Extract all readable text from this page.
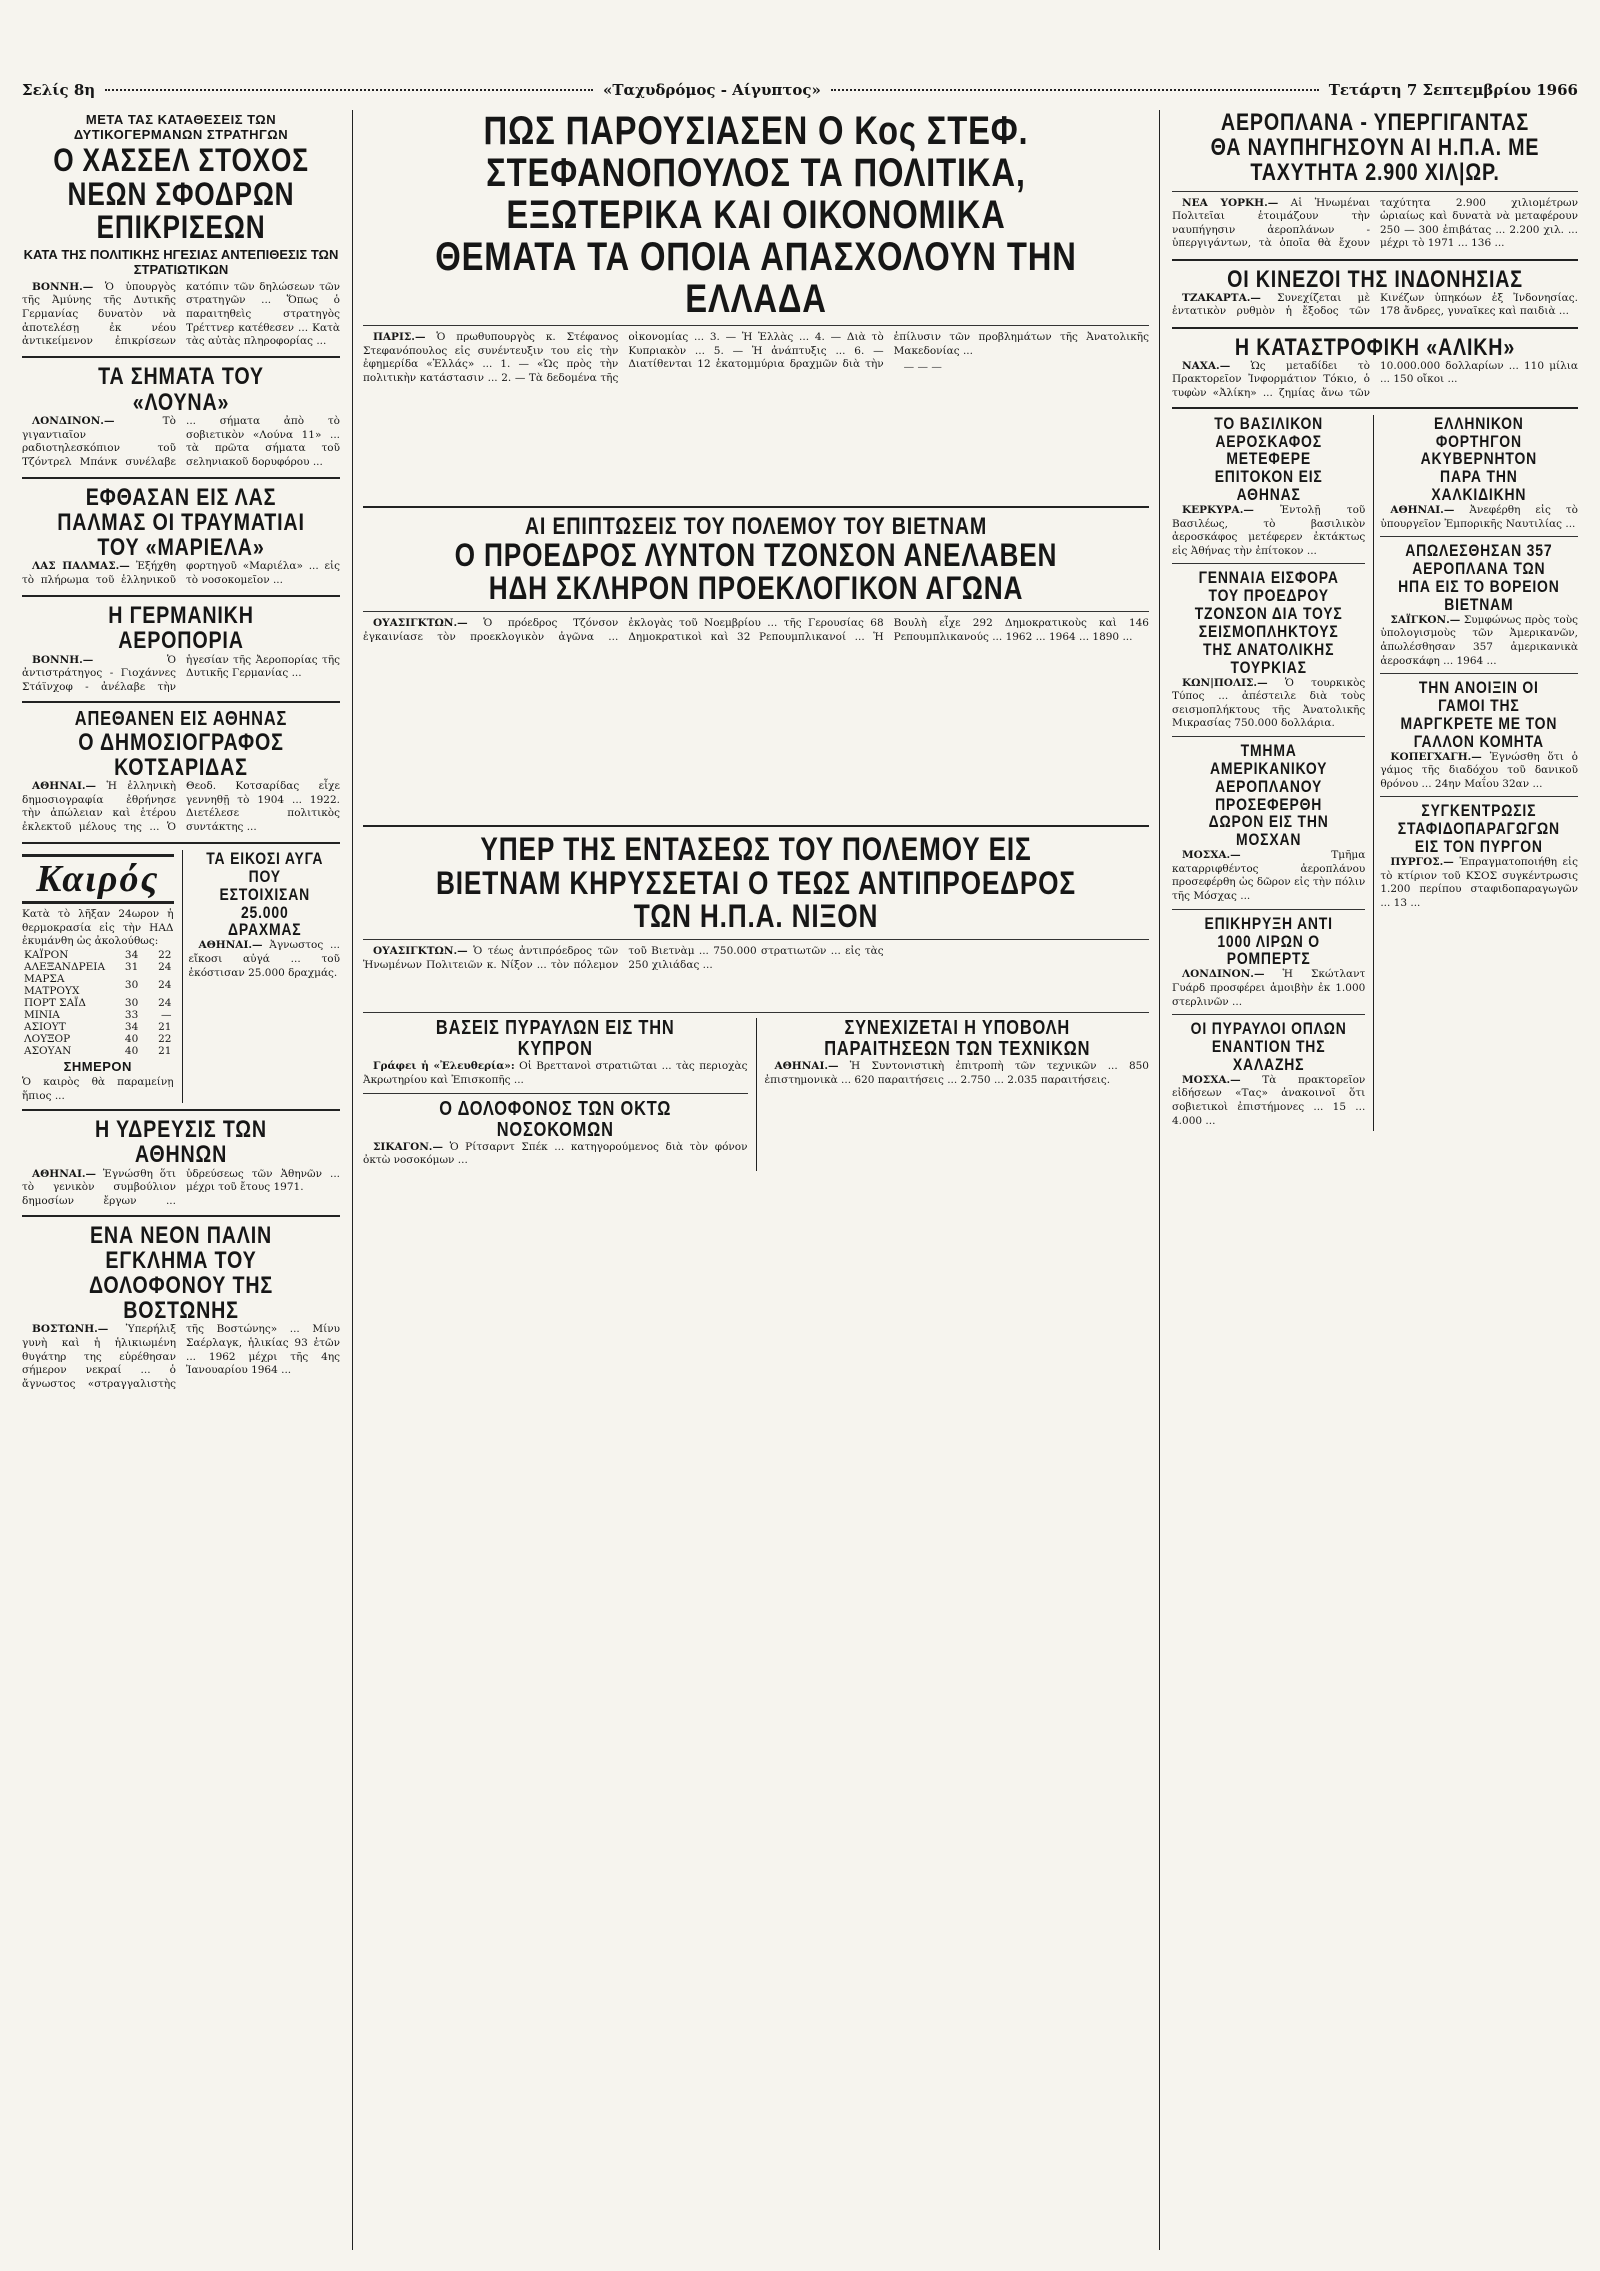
Σελίς 8η	«Ταχυδρόμος - Αίγυπτος»	Τετάρτη 7 Σεπτεμβρίου 1966
ΜΕΤΑ ΤΑΣ ΚΑΤΑΘΕΣΕΙΣ ΤΩΝ ΔΥΤΙΚΟΓΕΡΜΑΝΩΝ ΣΤΡΑΤΗΓΩΝ
Ο ΧΑΣΣΕΛ ΣΤΟΧΟΣ ΝΕΩΝ ΣΦΟΔΡΩΝ ΕΠΙΚΡΙΣΕΩΝ
ΚΑΤΑ ΤΗΣ ΠΟΛΙΤΙΚΗΣ ΗΓΕΣΙΑΣ ΑΝΤΕΠΙΘΕΣΙΣ ΤΩΝ ΣΤΡΑΤΙΩΤΙΚΩΝ

ΒΟΝΝΗ.— Ὁ ὑπουργὸς τῆς Ἀμύνης τῆς Δυτικῆς Γερμανίας δυνατὸν νὰ ἀποτελέσῃ ἐκ νέου ἀντικείμενον ἐπικρίσεων κατόπιν τῶν δηλώσεων τῶν στρατηγῶν ... Ὅπως ὁ παραιτηθεὶς στρατηγὸς Τρέττνερ κατέθεσεν ... Κατὰ τὰς αὐτὰς πληροφορίας ...

ΤΑ ΣΗΜΑΤΑ ΤΟΥ «ΛΟΥΝΑ»

ΛΟΝΔΙΝΟΝ.—	Τὸ γιγαντιαῖον ραδιοτηλεσκόπιον τοῦ Τζόντρελ Μπάνκ συνέλαβε ... σήματα ἀπὸ τὸ σοβιετικὸν «Λούνα 11» ... τὰ πρῶτα σήματα τοῦ σεληνιακοῦ δορυφόρου ...

ΕΦΘΑΣΑΝ ΕΙΣ ΛΑΣ ΠΑΛΜΑΣ ΟΙ ΤΡΑΥΜΑΤΙΑΙ ΤΟΥ «ΜΑΡΙΕΛΑ»

ΛΑΣ ΠΑΛΜΑΣ.— Ἐξήχθη τὸ πλήρωμα τοῦ ἑλληνικοῦ φορτηγοῦ «Μαριέλα» ... εἰς τὸ νοσοκομεῖον ...

Η ΓΕΡΜΑΝΙΚΗ ΑΕΡΟΠΟΡΙΑ

ΒΟΝΝΗ.—	Ὁ ἀντιστράτηγος - Γιοχάννες Στάϊνχοφ - ἀνέλαβε τὴν ἡγεσίαν τῆς Ἀεροπορίας τῆς Δυτικῆς Γερμανίας ...

ΑΠΕΘΑΝΕΝ ΕΙΣ ΑΘΗΝΑΣ
Ο ΔΗΜΟΣΙΟΓΡΑΦΟΣ ΚΟΤΣΑΡΙΔΑΣ

ΑΘΗΝΑΙ.— Ἡ ἑλληνικὴ δημοσιογραφία ἐθρήνησε τὴν ἀπώλειαν καὶ ἑτέρου ἐκλεκτοῦ μέλους της ... Ὁ Θεοδ. Κοτσαρίδας εἶχε γεννηθῇ τὸ 1904 ... 1922. Διετέλεσε πολιτικὸς συντάκτης ...

Καιρός
Κατὰ τὸ λῆξαν 24ωρον ἡ θερμοκρασία εἰς τὴν ΗΑΔ ἐκυμάνθη ὡς ἀκολούθως:
ΚΑΪΡΟΝ	34	22
ΑΛΕΞΑΝΔΡΕΙΑ	31	24
ΜΑΡΣΑ ΜΑΤΡΟΥΧ	30	24
ΠΟΡΤ ΣΑΪΔ	30	24
ΜΙΝΙΑ	33	—
ΑΣΙΟΥΤ	34	21
ΛΟΥΞΟΡ	40	22
ΑΣΟΥΑΝ	40	21
ΣΗΜΕΡΟΝ
Ὁ καιρὸς θὰ παραμείνῃ ἥπιος ...
ΤΑ ΕΙΚΟΣΙ ΑΥΓΑ ΠΟΥ ΕΣΤΟΙΧΙΣΑΝ 25.000 ΔΡΑΧΜΑΣ

ΑΘΗΝΑΙ.— Ἀγνωστος ... εἴκοσι αὐγά ... τοῦ ἐκόστισαν 25.000 δραχμάς.

Η ΥΔΡΕΥΣΙΣ ΤΩΝ ΑΘΗΝΩΝ

ΑΘΗΝΑΙ.— Ἐγνώσθη ὅτι τὸ γενικὸν συμβούλιον δημοσίων ἔργων ... ὑδρεύσεως τῶν Ἀθηνῶν ... μέχρι τοῦ ἔτους 1971.

ΕΝΑ ΝΕΟΝ ΠΑΛΙΝ ΕΓΚΛΗΜΑ ΤΟΥ ΔΟΛΟΦΟΝΟΥ ΤΗΣ ΒΟΣΤΩΝΗΣ

ΒΟΣΤΩΝΗ.— Ὑπερήλιξ γυνὴ καὶ ἡ ἡλικιωμένη θυγάτηρ της εὑρέθησαν σήμερον νεκραί ... ὁ ἄγνωστος «στραγγαλιστὴς τῆς Βοστώνης» ... Μίνυ Σαέρλαγκ, ἡλικίας 93 ἐτῶν ... 1962 μέχρι τῆς 4ης Ἰανουαρίου 1964 ...

ΠΩΣ ΠΑΡΟΥΣΙΑΣΕΝ Ο Κος ΣΤΕΦ. ΣΤΕΦΑΝΟΠΟΥΛΟΣ ΤΑ ΠΟΛΙΤΙΚΑ, ΕΞΩΤΕΡΙΚΑ ΚΑΙ ΟΙΚΟΝΟΜΙΚΑ ΘΕΜΑΤΑ ΤΑ ΟΠΟΙΑ ΑΠΑΣΧΟΛΟΥΝ ΤΗΝ ΕΛΛΑΔΑ

ΠΑΡΙΣ.— Ὁ πρωθυπουργὸς κ. Στέφανος Στεφανόπουλος εἰς συνέντευξιν του εἰς τὴν ἐφημερίδα «Ἑλλάς» ... 1. — «Ὡς πρὸς τὴν πολιτικὴν κατάστασιν ... 2. — Τὰ δεδομένα τῆς οἰκονομίας ... 3. — Ἡ Ἑλλὰς ... 4. — Διὰ τὸ Κυπριακὸν ... 5. — Ἡ ἀνάπτυξις ... 6. — Διατίθενται 12 ἑκατομμύρια δραχμῶν διὰ τὴν ἐπίλυσιν τῶν προβλημάτων τῆς Ἀνατολικῆς Μακεδονίας ...

— — —

ΑΙ ΕΠΙΠΤΩΣΕΙΣ ΤΟΥ ΠΟΛΕΜΟΥ ΤΟΥ ΒΙΕΤΝΑΜ
Ο ΠΡΟΕΔΡΟΣ ΛΥΝΤΟΝ ΤΖΟΝΣΟΝ ΑΝΕΛΑΒΕΝ ΗΔΗ ΣΚΛΗΡΟΝ ΠΡΟΕΚΛΟΓΙΚΟΝ ΑΓΩΝΑ

ΟΥΑΣΙΓΚΤΩΝ.— Ὁ πρόεδρος Τζόνσον ἐγκαινίασε τὸν προεκλογικὸν ἀγῶνα ... ἐκλογὰς τοῦ Νοεμβρίου ... τῆς Γερουσίας 68 Δημοκρατικοὶ καὶ 32 Ρεπουμπλικανοί ... Ἡ Βουλὴ εἶχε 292 Δημοκρατικοὺς καὶ 146 Ρεπουμπλικανούς ... 1962 ... 1964 ... 1890 ...

ΥΠΕΡ ΤΗΣ ΕΝΤΑΣΕΩΣ ΤΟΥ ΠΟΛΕΜΟΥ ΕΙΣ ΒΙΕΤΝΑΜ ΚΗΡΥΣΣΕΤΑΙ Ο ΤΕΩΣ ΑΝΤΙΠΡΟΕΔΡΟΣ ΤΩΝ Η.Π.Α. ΝΙΞΟΝ

ΟΥΑΣΙΓΚΤΩΝ.— Ὁ τέως ἀντιπρόεδρος τῶν Ἡνωμένων Πολιτειῶν κ. Νίξον ... τὸν πόλεμον τοῦ Βιετνὰμ ... 750.000 στρατιωτῶν ... εἰς τὰς 250 χιλιάδας ...

ΒΑΣΕΙΣ ΠΥΡΑΥΛΩΝ ΕΙΣ ΤΗΝ ΚΥΠΡΟΝ

Γράφει ἡ «Ἐλευθερία»: Οἱ Βρεττανοὶ στρατιῶται ... τὰς περιοχὰς Ἀκρωτηρίου καὶ Ἐπισκοπῆς ...

Ο ΔΟΛΟΦΟΝΟΣ ΤΩΝ ΟΚΤΩ ΝΟΣΟΚΟΜΩΝ

ΣΙΚΑΓΟΝ.— Ὁ Ρίτσαρντ Σπέκ ... κατηγορούμενος διὰ τὸν φόνον ὀκτὼ νοσοκόμων ...

ΣΥΝΕΧΙΖΕΤΑΙ Η ΥΠΟΒΟΛΗ ΠΑΡΑΙΤΗΣΕΩΝ ΤΩΝ ΤΕΧΝΙΚΩΝ

ΑΘΗΝΑΙ.— Ἡ Συντονιστικὴ ἐπιτροπὴ τῶν τεχνικῶν ... 850 ἐπιστημονικὰ ... 620 παραιτήσεις ... 2.750 ... 2.035 παραιτήσεις.

ΑΕΡΟΠΛΑΝΑ - ΥΠΕΡΓΙΓΑΝΤΑΣ ΘΑ ΝΑΥΠΗΓΗΣΟΥΝ ΑΙ Η.Π.Α. ΜΕ ΤΑΧΥΤΗΤΑ 2.900 ΧΙΛ|ΩΡ.

ΝΕΑ ΥΟΡΚΗ.— Αἱ Ἡνωμέναι Πολιτεῖαι ἑτοιμάζουν τὴν ναυπήγησιν ἀεροπλάνων - ὑπεργιγάντων, τὰ ὁποῖα θὰ ἔχουν ταχύτητα 2.900 χιλιομέτρων ὡριαίως καὶ δυνατὰ νὰ μεταφέρουν 250 — 300 ἐπιβάτας ... 2.200 χιλ. ... μέχρι τὸ 1971 ... 136 ...

ΟΙ ΚΙΝΕΖΟΙ ΤΗΣ ΙΝΔΟΝΗΣΙΑΣ

ΤΖΑΚΑΡΤΑ.— Συνεχίζεται μὲ ἐντατικὸν ρυθμὸν ἡ ἔξοδος τῶν Κινέζων ὑπηκόων ἐξ Ἰνδονησίας. 178 ἄνδρες, γυναῖκες καὶ παιδιὰ ...

Η ΚΑΤΑΣΤΡΟΦΙΚΗ «ΑΛΙΚΗ»

ΝΑΧΑ.— Ὡς μεταδίδει τὸ Πρακτορεῖον Ἰνφορμάτιον Τόκιο, ὁ τυφὼν «Ἀλίκη» ... ζημίας ἄνω τῶν 10.000.000 δολλαρίων ... 110 μίλια ... 150 οἴκοι ...

ΤΟ ΒΑΣΙΛΙΚΟΝ ΑΕΡΟΣΚΑΦΟΣ ΜΕΤΕΦΕΡΕ ΕΠΙΤΟΚΟΝ ΕΙΣ ΑΘΗΝΑΣ

ΚΕΡΚΥΡΑ.—	Ἐντολῇ τοῦ Βασιλέως, τὸ βασιλικὸν ἀεροσκάφος μετέφερεν ἐκτάκτως εἰς Ἀθήνας τὴν ἐπίτοκον ...

ΓΕΝΝΑΙΑ ΕΙΣΦΟΡΑ ΤΟΥ ΠΡΟΕΔΡΟΥ ΤΖΟΝΣΟΝ ΔΙΑ ΤΟΥΣ ΣΕΙΣΜΟΠΛΗΚΤΟΥΣ ΤΗΣ ΑΝΑΤΟΛΙΚΗΣ ΤΟΥΡΚΙΑΣ

ΚΩΝ|ΠΟΛΙΣ.— Ὁ τουρκικὸς Τύπος ... ἀπέστειλε διὰ τοὺς σεισμοπλήκτους τῆς Ἀνατολικῆς Μικρασίας 750.000 δολλάρια.

ΤΜΗΜΑ ΑΜΕΡΙΚΑΝΙΚΟΥ ΑΕΡΟΠΛΑΝΟΥ ΠΡΟΣΕΦΕΡΘΗ ΔΩΡΟΝ ΕΙΣ ΤΗΝ ΜΟΣΧΑΝ

ΜΟΣΧΑ.—	Τμῆμα καταρριφθέντος ἀεροπλάνου προσεφέρθη ὡς δῶρον εἰς τὴν πόλιν τῆς Μόσχας ...

ΕΠΙΚΗΡΥΞΗ ΑΝΤΙ 1000 ΛΙΡΩΝ Ο ΡΟΜΠΕΡΤΣ

ΛΟΝΔΙΝΟΝ.— Ἡ Σκώτλαντ Γυάρδ προσφέρει ἀμοιβὴν ἐκ 1.000 στερλινῶν ...

ΟΙ ΠΥΡΑΥΛΟΙ ΟΠΛΩΝ ΕΝΑΝΤΙΟΝ ΤΗΣ ΧΑΛΑΖΗΣ

ΜΟΣΧΑ.— Τὰ πρακτορεῖον εἰδήσεων «Τας» ἀνακοινοῖ ὅτι σοβιετικοὶ ἐπιστήμονες ... 15 ... 4.000 ...

ΕΛΛΗΝΙΚΟΝ ΦΟΡΤΗΓΟΝ ΑΚΥΒΕΡΝΗΤΟΝ ΠΑΡΑ ΤΗΝ ΧΑΛΚΙΔΙΚΗΝ

ΑΘΗΝΑΙ.— Ἀνεφέρθη εἰς τὸ ὑπουργεῖον Ἐμπορικῆς Ναυτιλίας ...

ΑΠΩΛΕΣΘΗΣΑΝ 357 ΑΕΡΟΠΛΑΝΑ ΤΩΝ ΗΠΑ ΕΙΣ ΤΟ ΒΟΡΕΙΟΝ ΒΙΕΤΝΑΜ

ΣΑΪΓΚΟΝ.— Συμφώνως πρὸς τοὺς ὑπολογισμοὺς τῶν Ἀμερικανῶν, ἀπωλέσθησαν 357 ἀμερικανικὰ ἀεροσκάφη ... 1964 ...

ΤΗΝ ΑΝΟΙΞΙΝ ΟΙ ΓΑΜΟΙ ΤΗΣ ΜΑΡΓΚΡΕΤΕ ΜΕ ΤΟΝ ΓΑΛΛΟΝ ΚΟΜΗΤΑ

ΚΟΠΕΓΧΑΓΗ.— Ἐγνώσθη ὅτι ὁ γάμος τῆς διαδόχου τοῦ δανικοῦ θρόνου ... 24ην Μαΐου 32αν ...

ΣΥΓΚΕΝΤΡΩΣΙΣ ΣΤΑΦΙΔΟΠΑΡΑΓΩΓΩΝ ΕΙΣ ΤΟΝ ΠΥΡΓΟΝ

ΠΥΡΓΟΣ.— Ἐπραγματοποιήθη εἰς τὸ κτίριον τοῦ ΚΣΟΣ συγκέντρωσις 1.200 περίπου σταφιδοπαραγωγῶν ... 13 ...
